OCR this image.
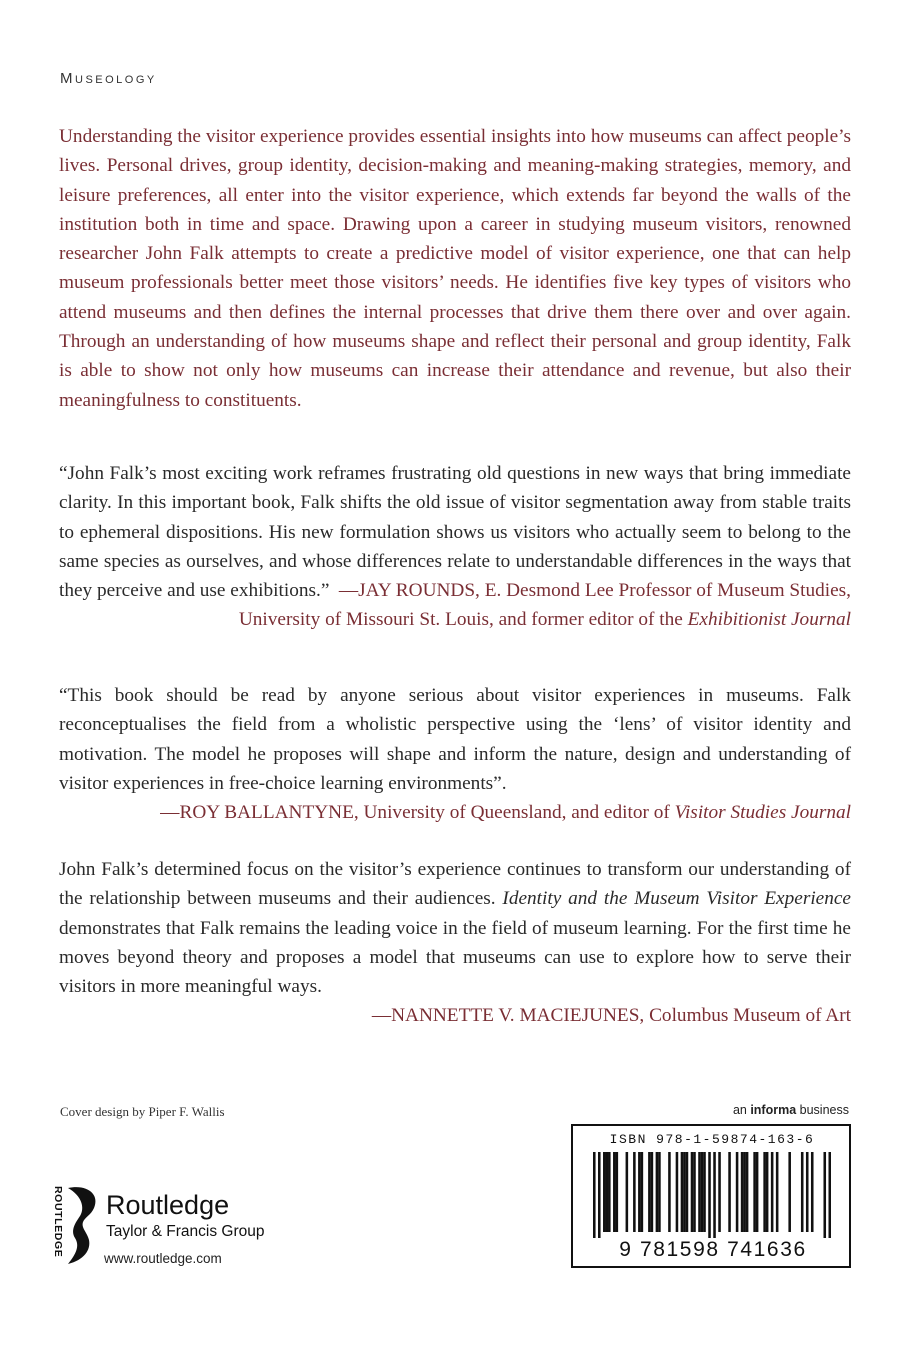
Museology
Understanding the visitor experience provides essential insights into how museums can affect people’s lives. Personal drives, group identity, decision-making and meaning-making strategies, memory, and leisure preferences, all enter into the visitor experience, which extends far beyond the walls of the institution both in time and space. Drawing upon a career in studying museum visitors, renowned researcher John Falk attempts to create a predictive model of visitor experience, one that can help museum professionals better meet those visitors’ needs. He identifies five key types of visitors who attend museums and then defines the internal processes that drive them there over and over again. Through an understanding of how museums shape and reflect their personal and group identity, Falk is able to show not only how museums can increase their attendance and revenue, but also their meaningfulness to constituents.

“John Falk’s most exciting work reframes frustrating old questions in new ways that bring immediate clarity. In this important book, Falk shifts the old issue of visitor segmentation away from stable traits to ephemeral dispositions. His new formulation shows us visitors who actually seem to belong to the same species as ourselves, and whose differences relate to understandable differences in the ways that they perceive and use exhibitions.” —JAY ROUNDS, E. Desmond Lee Professor of Museum Studies,

University of Missouri St. Louis, and former editor of the Exhibitionist Journal

“This book should be read by anyone serious about visitor experiences in museums. Falk reconceptualises the field from a wholistic perspective using the ‘lens’ of visitor identity and motivation. The model he proposes will shape and inform the nature, design and understanding of visitor experiences in free-choice learning environments”.

—ROY BALLANTYNE, University of Queensland, and editor of Visitor Studies Journal

John Falk’s determined focus on the visitor’s experience continues to transform our understanding of the relationship between museums and their audiences. Identity and the Museum Visitor Experience demonstrates that Falk remains the leading voice in the field of museum learning. For the first time he moves beyond theory and proposes a model that museums can use to explore how to serve their visitors in more meaningful ways.

—NANNETTE V. MACIEJUNES, Columbus Museum of Art
Cover design by Piper F. Wallis	an informa business
ROUTLEDGE Routledge
Taylor & Francis Group
www.routledge.com
ISBN 978-1-59874-163-6
9 781598 741636
